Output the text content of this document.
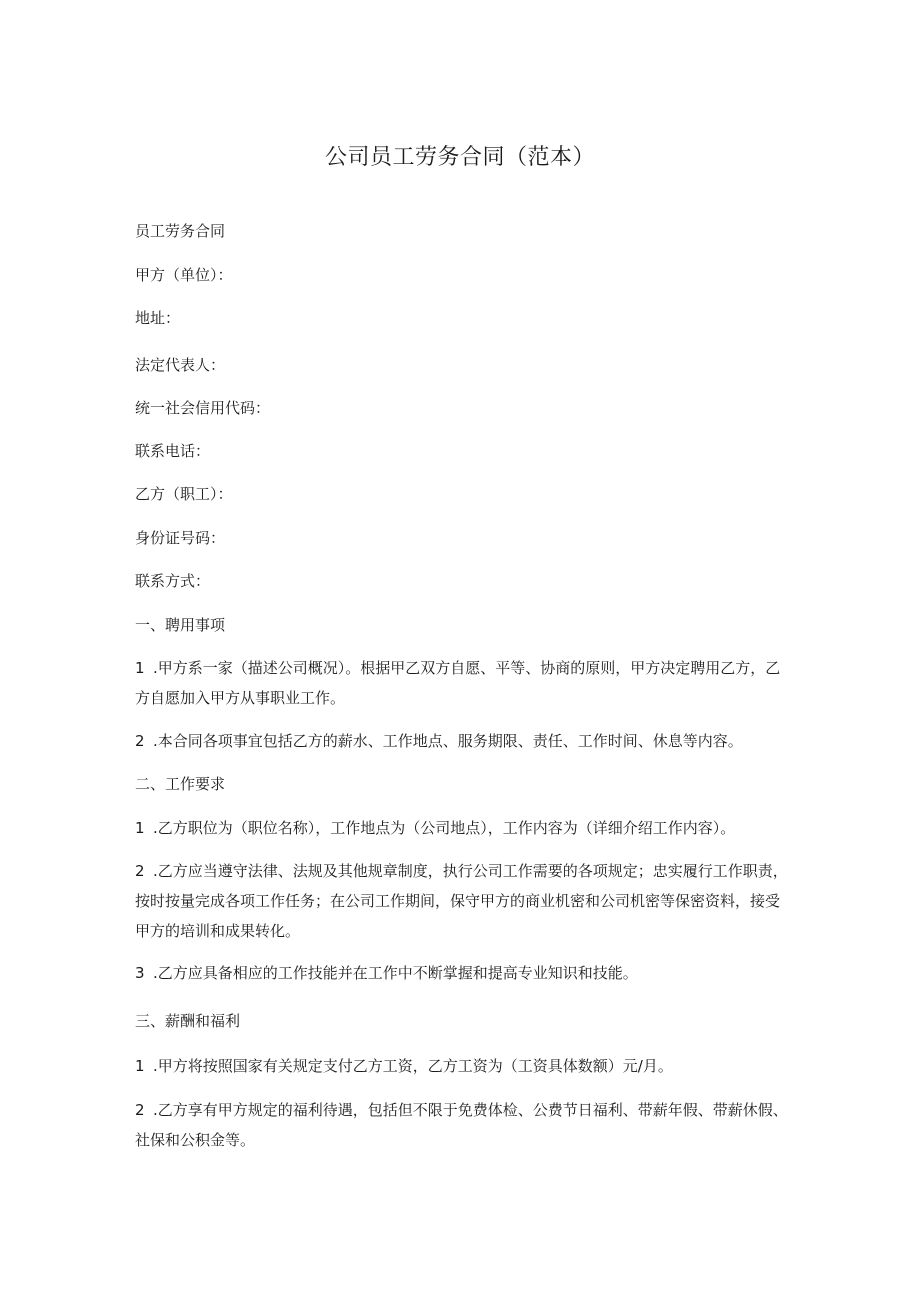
公司员工劳务合同（范本）
员工劳务合同
甲方（单位）：
地址：
法定代表人：
统一社会信用代码：
联系电话：
乙方（职工）：
身份证号码：
联系方式：
一、聘用事项
1 .甲方系一家（描述公司概况）。根据甲乙双方自愿、平等、协商的原则，甲方决定聘用乙方，乙方自愿加入甲方从事职业工作。
2 .本合同各项事宜包括乙方的薪水、工作地点、服务期限、责任、工作时间、休息等内容。
二、工作要求
1 .乙方职位为（职位名称），工作地点为（公司地点），工作内容为（详细介绍工作内容）。
2 .乙方应当遵守法律、法规及其他规章制度，执行公司工作需要的各项规定；忠实履行工作职责，按时按量完成各项工作任务；在公司工作期间，保守甲方的商业机密和公司机密等保密资料，接受甲方的培训和成果转化。
3 .乙方应具备相应的工作技能并在工作中不断掌握和提高专业知识和技能。
三、薪酬和福利
1 .甲方将按照国家有关规定支付乙方工资，乙方工资为（工资具体数额）元/月。
2 .乙方享有甲方规定的福利待遇，包括但不限于免费体检、公费节日福利、带薪年假、带薪休假、社保和公积金等。
